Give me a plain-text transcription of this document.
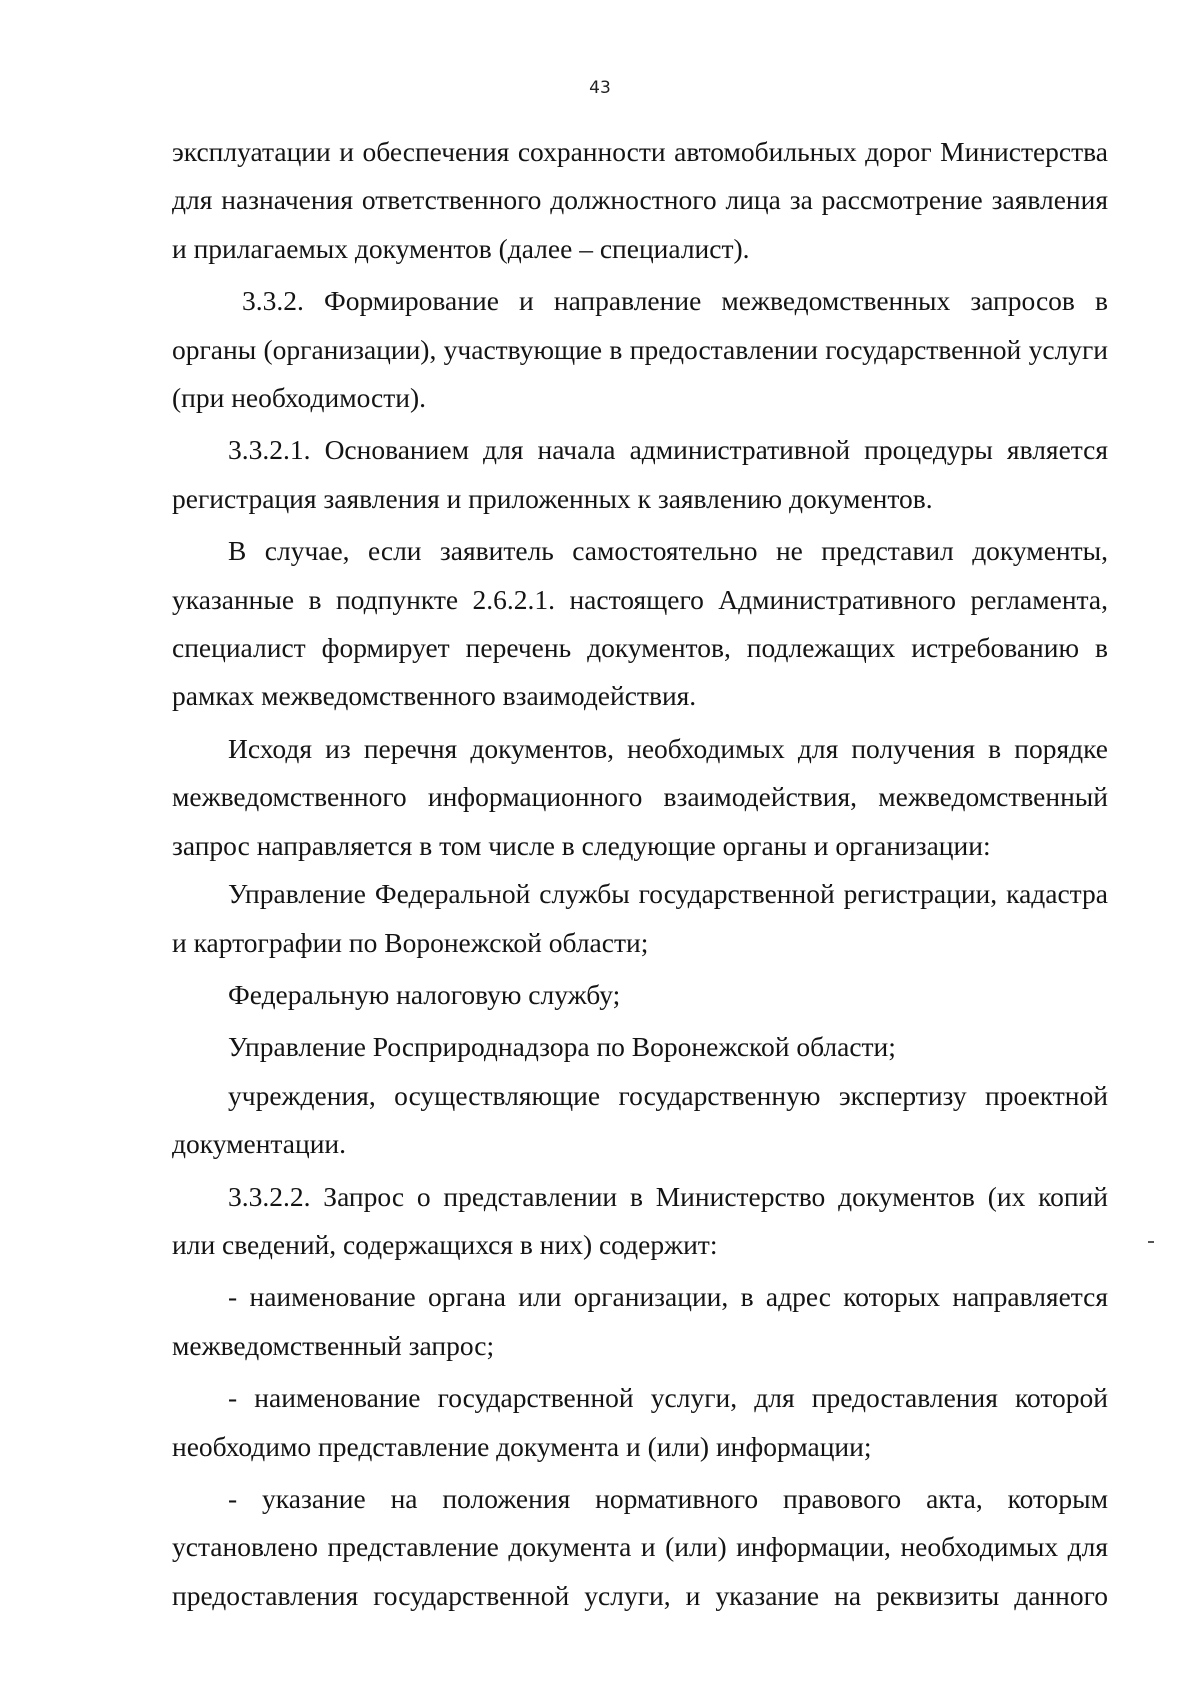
43

эксплуатации и обеспечения сохранности автомобильных дорог Министерства для назначения ответственного должностного лица за рассмотрение заявления и прилагаемых документов (далее – специалист).

3.3.2. Формирование и направление межведомственных запросов в органы (организации), участвующие в предоставлении государственной услуги (при необходимости).

3.3.2.1. Основанием для начала административной процедуры является регистрация заявления и приложенных к заявлению документов.

В случае, если заявитель самостоятельно не представил документы, указанные в подпункте 2.6.2.1. настоящего Административного регламента, специалист формирует перечень документов, подлежащих истребованию в рамках межведомственного взаимодействия.

Исходя из перечня документов, необходимых для получения в порядке межведомственного информационного взаимодействия, межведомственный запрос направляется в том числе в следующие органы и организации:

Управление Федеральной службы государственной регистрации, кадастра и картографии по Воронежской области;

Федеральную налоговую службу;

Управление Росприроднадзора по Воронежской области;

учреждения, осуществляющие государственную экспертизу проектной документации.

3.3.2.2. Запрос о представлении в Министерство документов (их копий или сведений, содержащихся в них) содержит:

- наименование органа или организации, в адрес которых направляется межведомственный запрос;

- наименование государственной услуги, для предоставления которой необходимо представление документа и (или) информации;

- указание на положения нормативного правового акта, которым установлено представление документа и (или) информации, необходимых для предоставления государственной услуги, и указание на реквизиты данного
